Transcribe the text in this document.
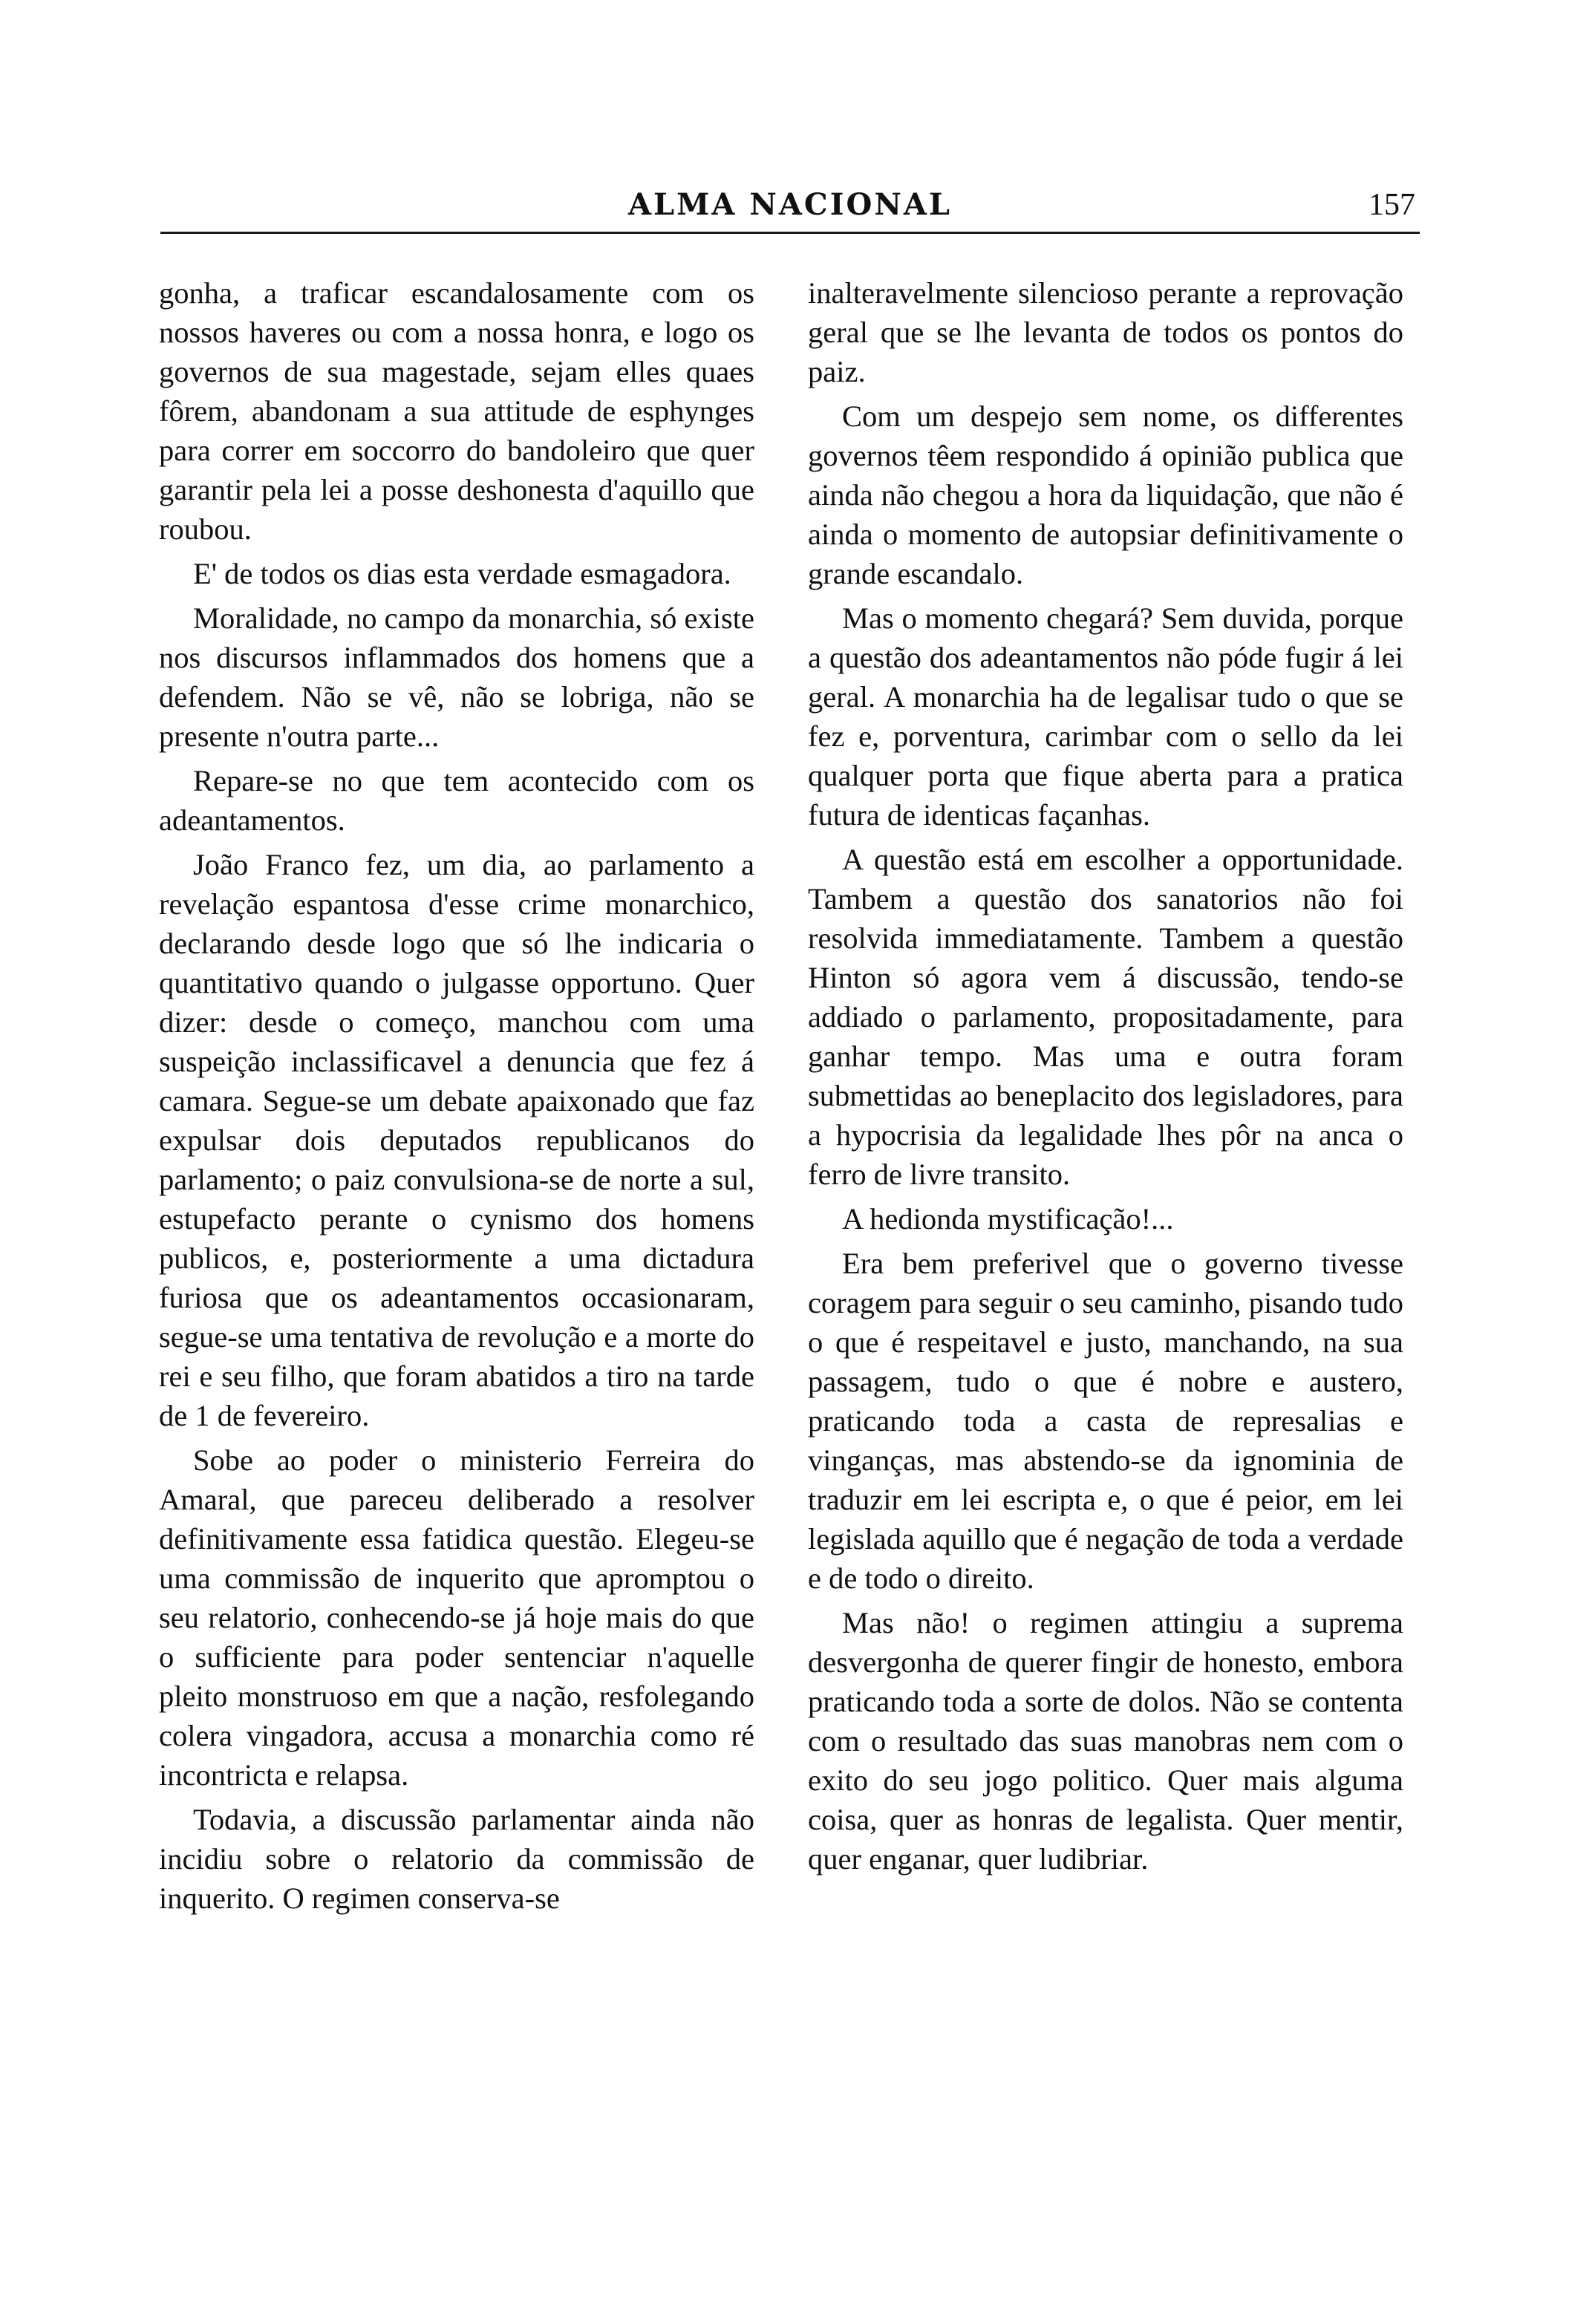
ALMA NACIONAL	157

gonha, a traficar escandalosamente com os nossos haveres ou com a nossa honra, e logo os governos de sua magestade, sejam elles quaes fôrem, abandonam a sua attitude de esphynges para correr em soccorro do bandoleiro que quer garantir pela lei a posse deshonesta d'aquillo que roubou.

E' de todos os dias esta verdade esmagadora.

Moralidade, no campo da monarchia, só existe nos discursos inflammados dos homens que a defendem. Não se vê, não se lobriga, não se presente n'outra parte...

Repare-se no que tem acontecido com os adeantamentos.

João Franco fez, um dia, ao parlamento a revelação espantosa d'esse crime monarchico, declarando desde logo que só lhe indicaria o quantitativo quando o julgasse opportuno. Quer dizer: desde o começo, manchou com uma suspeição inclassificavel a denuncia que fez á camara. Segue-se um debate apaixonado que faz expulsar dois deputados republicanos do parlamento; o paiz convulsiona-se de norte a sul, estupefacto perante o cynismo dos homens publicos, e, posteriormente a uma dictadura furiosa que os adeantamentos occasionaram, segue-se uma tentativa de revolução e a morte do rei e seu filho, que foram abatidos a tiro na tarde de 1 de fevereiro.

Sobe ao poder o ministerio Ferreira do Amaral, que pareceu deliberado a resolver definitivamente essa fatidica questão. Elegeu-se uma commissão de inquerito que apromptou o seu relatorio, conhecendo-se já hoje mais do que o sufficiente para poder sentenciar n'aquelle pleito monstruoso em que a nação, resfolegando colera vingadora, accusa a monarchia como ré incontricta e relapsa.

Todavia, a discussão parlamentar ainda não incidiu sobre o relatorio da commissão de inquerito. O regimen conserva-se

inalteravelmente silencioso perante a reprovação geral que se lhe levanta de todos os pontos do paiz.

Com um despejo sem nome, os differentes governos têem respondido á opinião publica que ainda não chegou a hora da liquidação, que não é ainda o momento de autopsiar definitivamente o grande escandalo.

Mas o momento chegará? Sem duvida, porque a questão dos adeantamentos não póde fugir á lei geral. A monarchia ha de legalisar tudo o que se fez e, porventura, carimbar com o sello da lei qualquer porta que fique aberta para a pratica futura de identicas façanhas.

A questão está em escolher a opportunidade. Tambem a questão dos sanatorios não foi resolvida immediatamente. Tambem a questão Hinton só agora vem á discussão, tendo-se addiado o parlamento, propositadamente, para ganhar tempo. Mas uma e outra foram submettidas ao beneplacito dos legisladores, para a hypocrisia da legalidade lhes pôr na anca o ferro de livre transito.

A hedionda mystificação!...

Era bem preferivel que o governo tivesse coragem para seguir o seu caminho, pisando tudo o que é respeitavel e justo, manchando, na sua passagem, tudo o que é nobre e austero, praticando toda a casta de represalias e vinganças, mas abstendo-se da ignominia de traduzir em lei escripta e, o que é peior, em lei legislada aquillo que é negação de toda a verdade e de todo o direito.

Mas não! o regimen attingiu a suprema desvergonha de querer fingir de honesto, embora praticando toda a sorte de dolos. Não se contenta com o resultado das suas manobras nem com o exito do seu jogo politico. Quer mais alguma coisa, quer as honras de legalista. Quer mentir, quer enganar, quer ludibriar.
